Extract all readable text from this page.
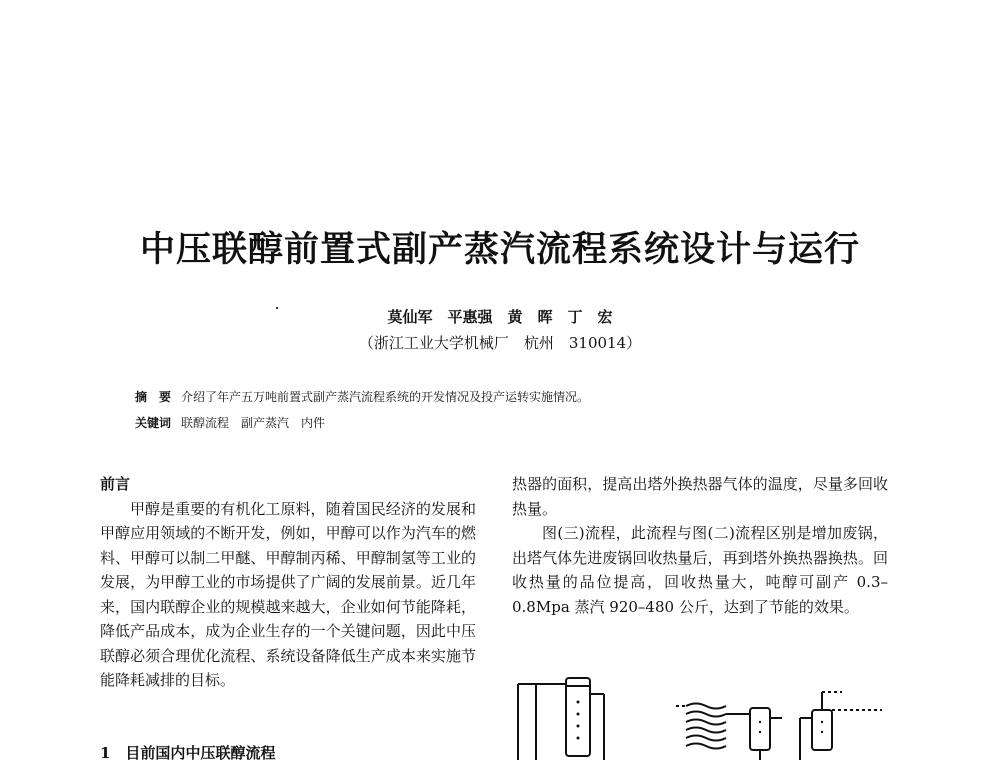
中压联醇前置式副产蒸汽流程系统设计与运行
莫仙军　平惠强　黄　晖　丁　宏
（浙江工业大学机械厂　杭州　310014）
摘　要 介绍了年产五万吨前置式副产蒸汽流程系统的开发情况及投产运转实施情况。
关键词 联醇流程　副产蒸汽　内件

前言

甲醇是重要的有机化工原料，随着国民经济的发展和甲醇应用领域的不断开发，例如，甲醇可以作为汽车的燃料、甲醇可以制二甲醚、甲醇制丙稀、甲醇制氢等工业的发展，为甲醇工业的市场提供了广阔的发展前景。近几年来，国内联醇企业的规模越来越大，企业如何节能降耗，降低产品成本，成为企业生存的一个关键问题，因此中压联醇必须合理优化流程、系统设备降低生产成本来实施节能降耗减排的目标。

1　目前国内中压联醇流程

热器的面积，提高出塔外换热器气体的温度，尽量多回收热量。

图(三)流程，此流程与图(二)流程区别是增加废锅，出塔气体先进废锅回收热量后，再到塔外换热器换热。回收热量的品位提高，回收热量大，吨醇可副产 0.3–0.8Mpa 蒸汽 920–480 公斤，达到了节能的效果。
